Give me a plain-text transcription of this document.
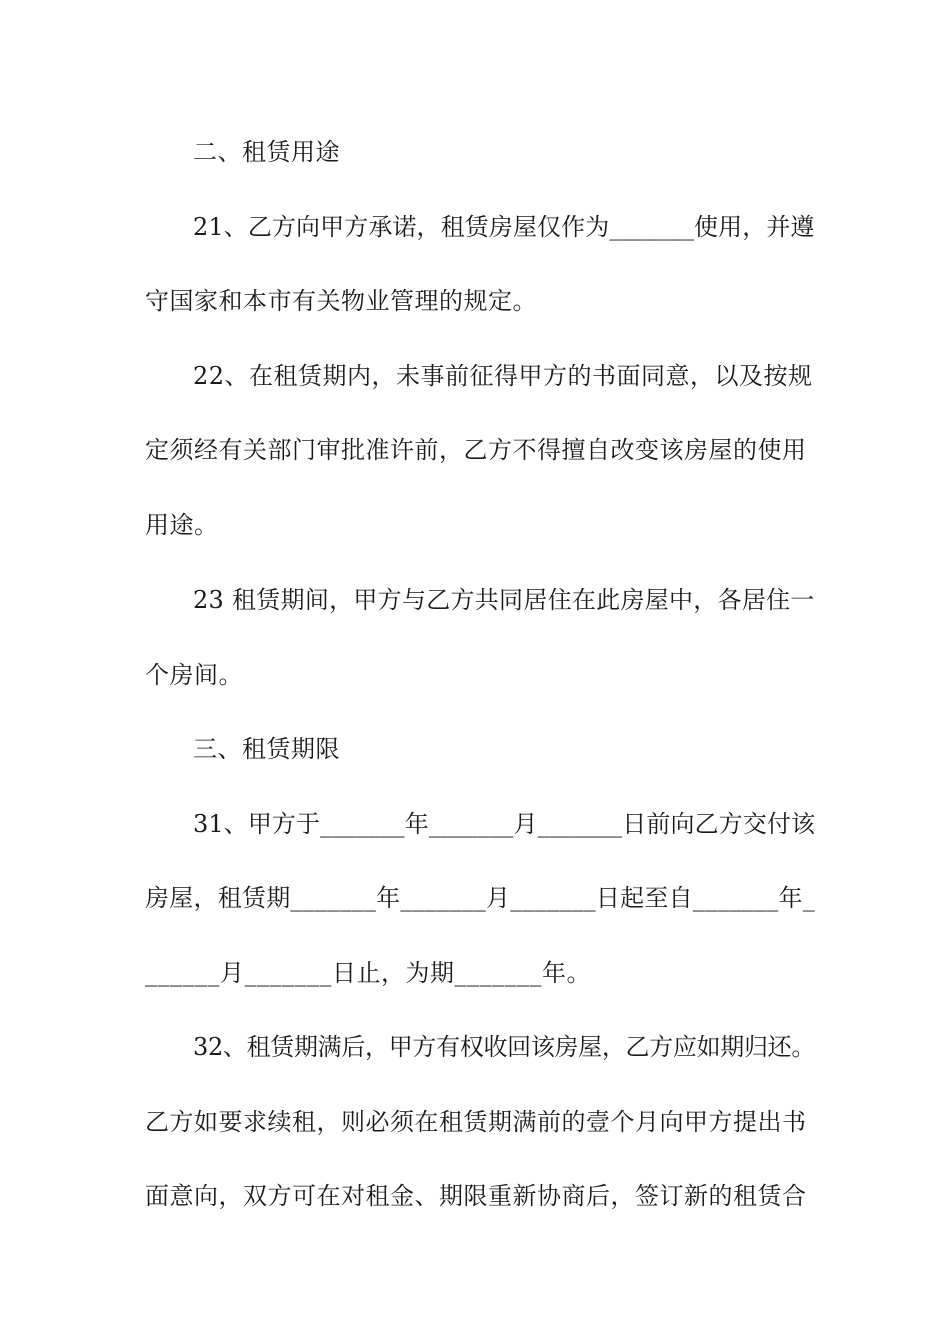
二、租赁用途

21、乙方向甲方承诺，租赁房屋仅作为_______使用，并遵

守国家和本市有关物业管理的规定。

22、在租赁期内，未事前征得甲方的书面同意，以及按规

定须经有关部门审批准许前，乙方不得擅自改变该房屋的使用

用途。

23 租赁期间，甲方与乙方共同居住在此房屋中，各居住一

个房间。

三、租赁期限

31、甲方于_______年_______月_______日前向乙方交付该

房屋，租赁期_______年_______月_______日起至自_______年_

______月_______日止，为期_______年。

32、租赁期满后，甲方有权收回该房屋，乙方应如期归还。

乙方如要求续租，则必须在租赁期满前的壹个月向甲方提出书

面意向，双方可在对租金、期限重新协商后，签订新的租赁合
